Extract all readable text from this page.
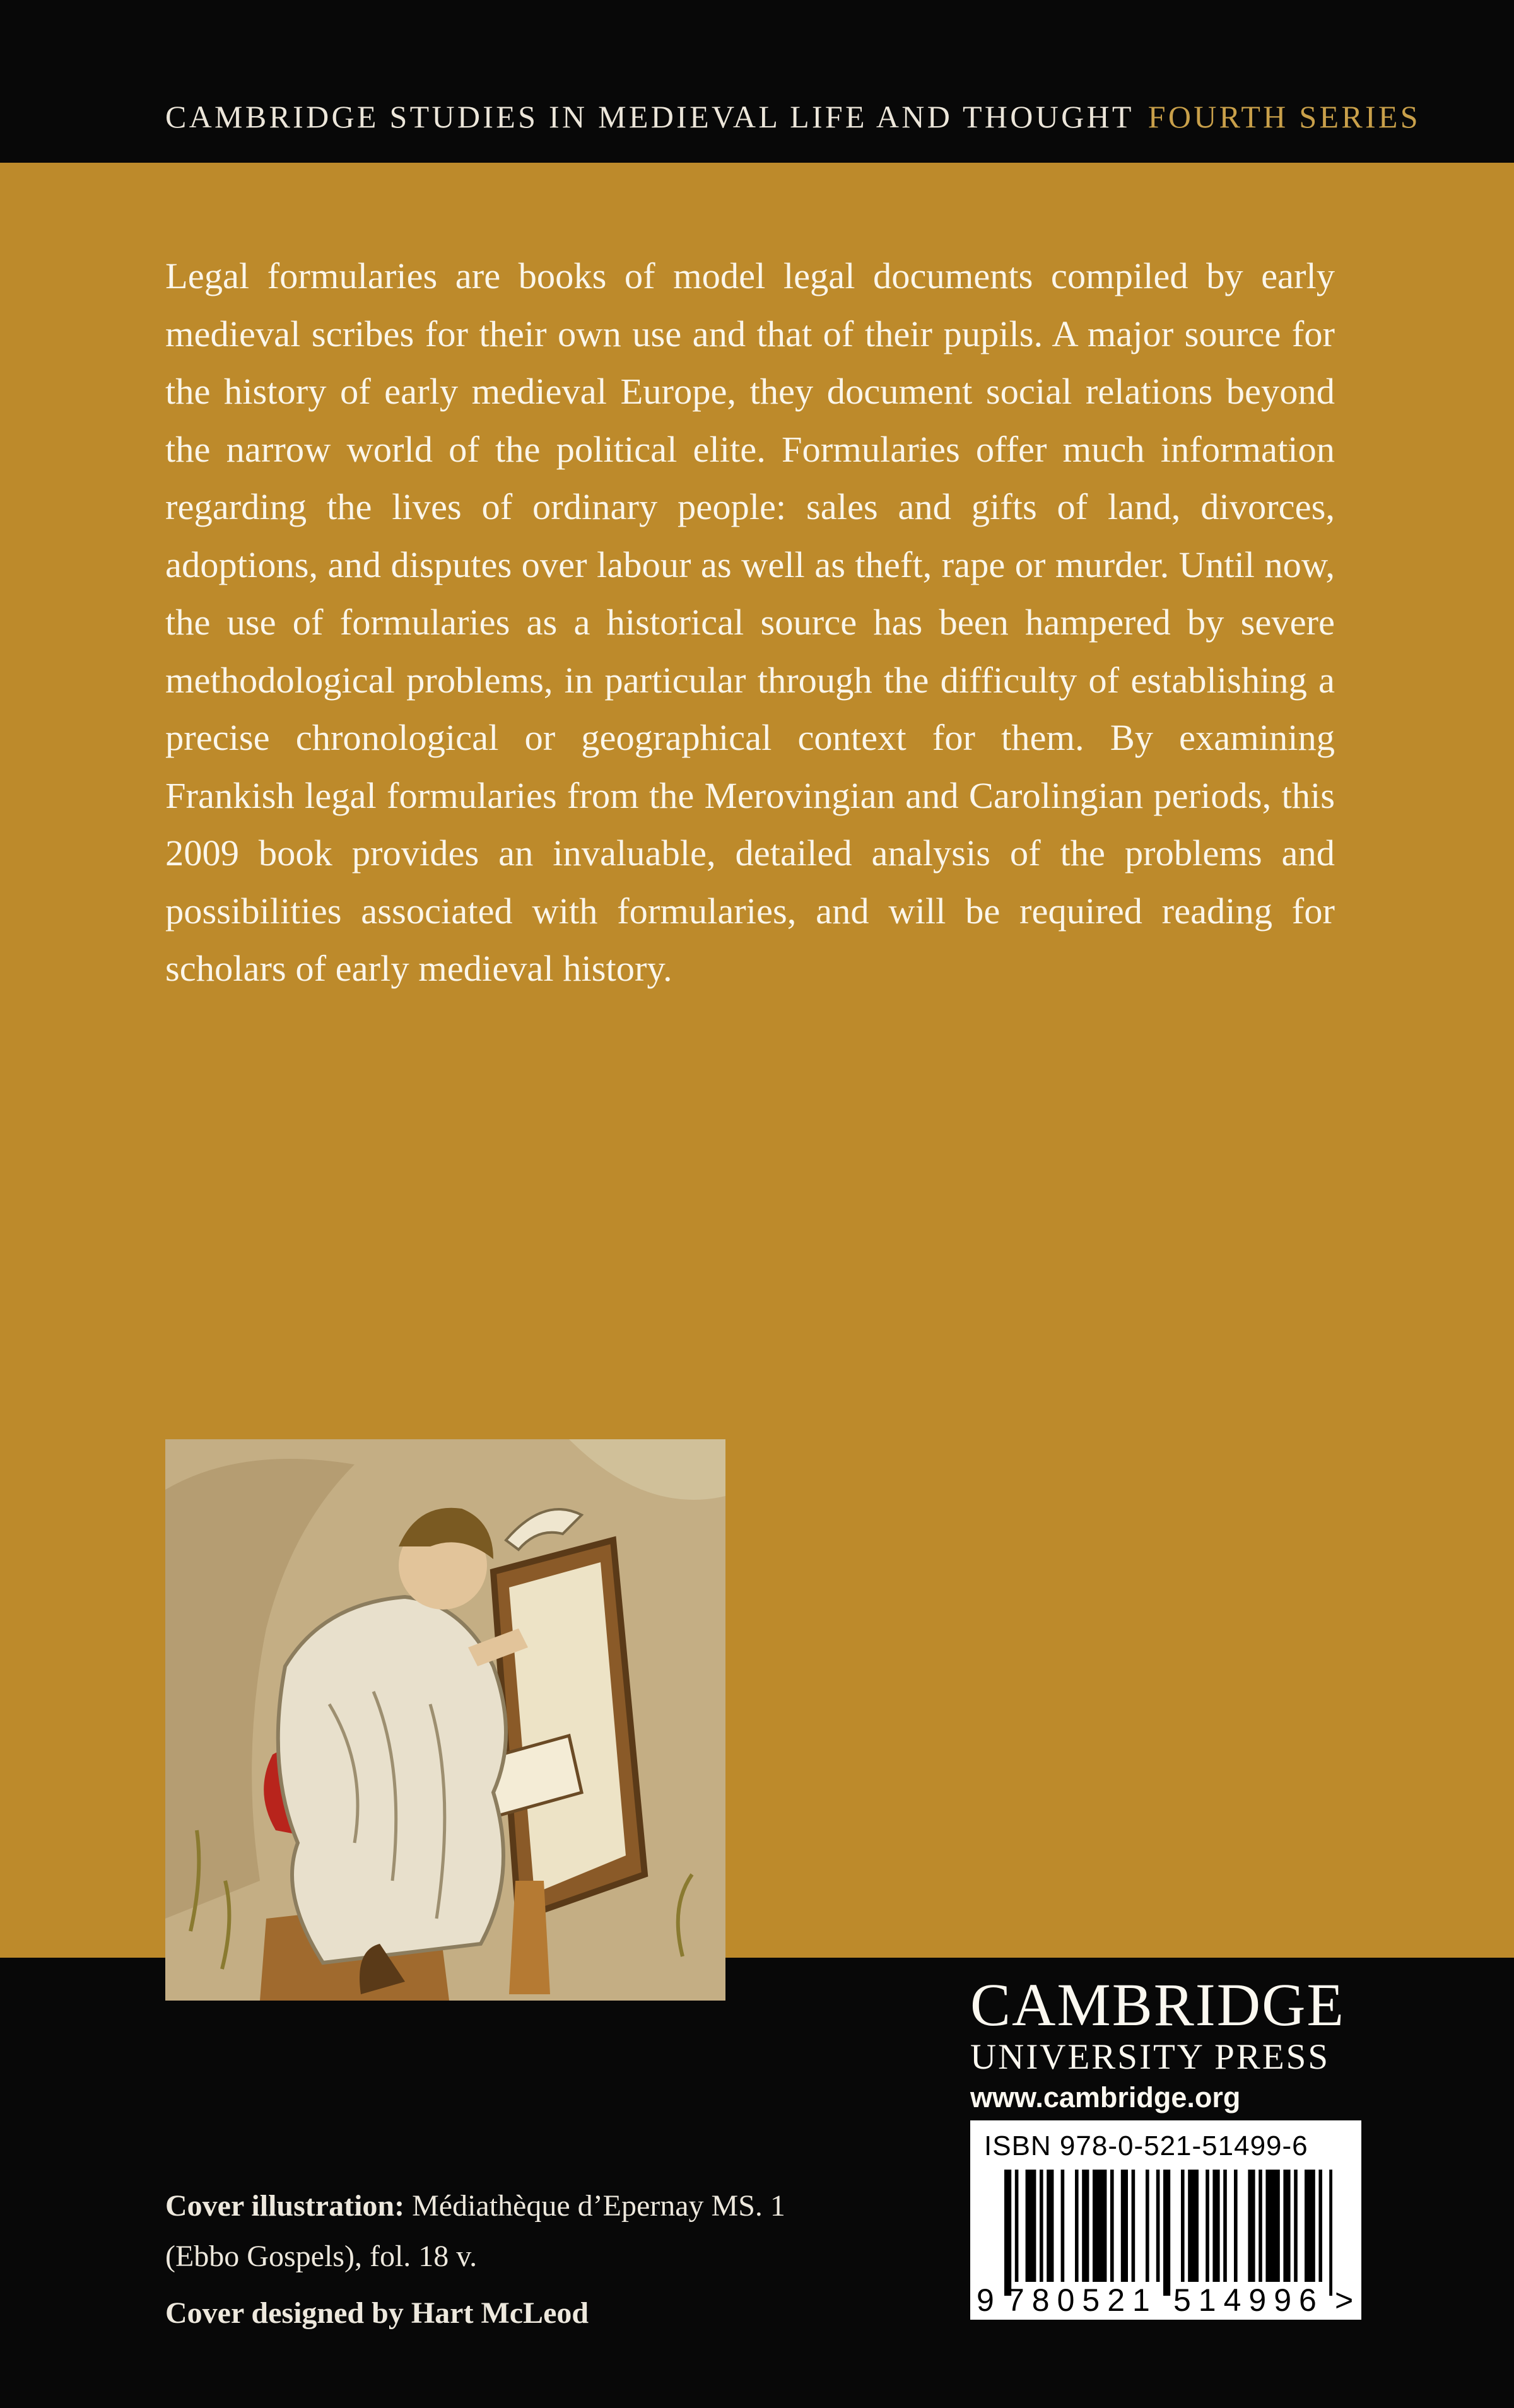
CAMBRIDGE STUDIES IN MEDIEVAL LIFE AND THOUGHT FOURTH SERIES

Legal formularies are books of model legal documents compiled by early medieval scribes for their own use and that of their pupils. A major source for the history of early medieval Europe, they document social relations beyond the narrow world of the political elite. Formularies offer much information regarding the lives of ordinary people: sales and gifts of land, divorces, adoptions, and disputes over labour as well as theft, rape or murder. Until now, the use of formularies as a historical source has been hampered by severe methodological problems, in particular through the difficulty of establishing a precise chronological or geographical context for them. By examining Frankish legal formularies from the Merovingian and Carolingian periods, this 2009 book provides an invaluable, detailed analysis of the problems and possibilities associated with formularies, and will be required reading for scholars of early medieval history.

Cover illustration: Médiathèque d’Epernay MS. 1
(Ebbo Gospels), fol. 18 v.
Cover designed by Hart McLeod
CAMBRIDGE
UNIVERSITY PRESS
www.cambridge.org
9 780521 514996 >
ISBN 978-0-521-51499-6
